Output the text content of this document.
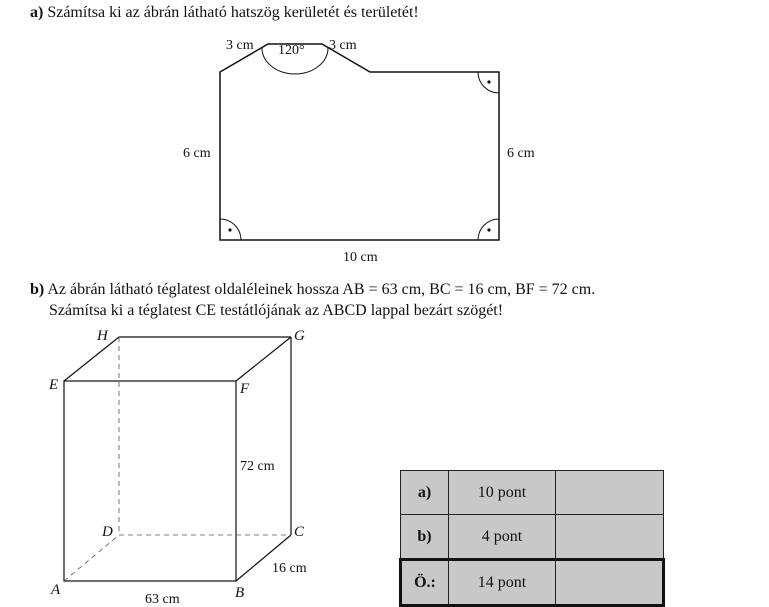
a) Számítsa ki az ábrán látható hatszög kerületét és területét!
3 cm 120° 3 cm
6 cm	6 cm
10 cm
H	G
E	F
D	C
A	B
72 cm
16 cm
63 cm
b) Az ábrán látható téglatest oldaléleinek hossza AB = 63 cm, BC = 16 cm, BF = 72 cm.
Számítsa ki a téglatest CE testátlójának az ABCD lappal bezárt szögét!
a)	10 pont	
b)	4 pont	
Ö.:	14 pont	
